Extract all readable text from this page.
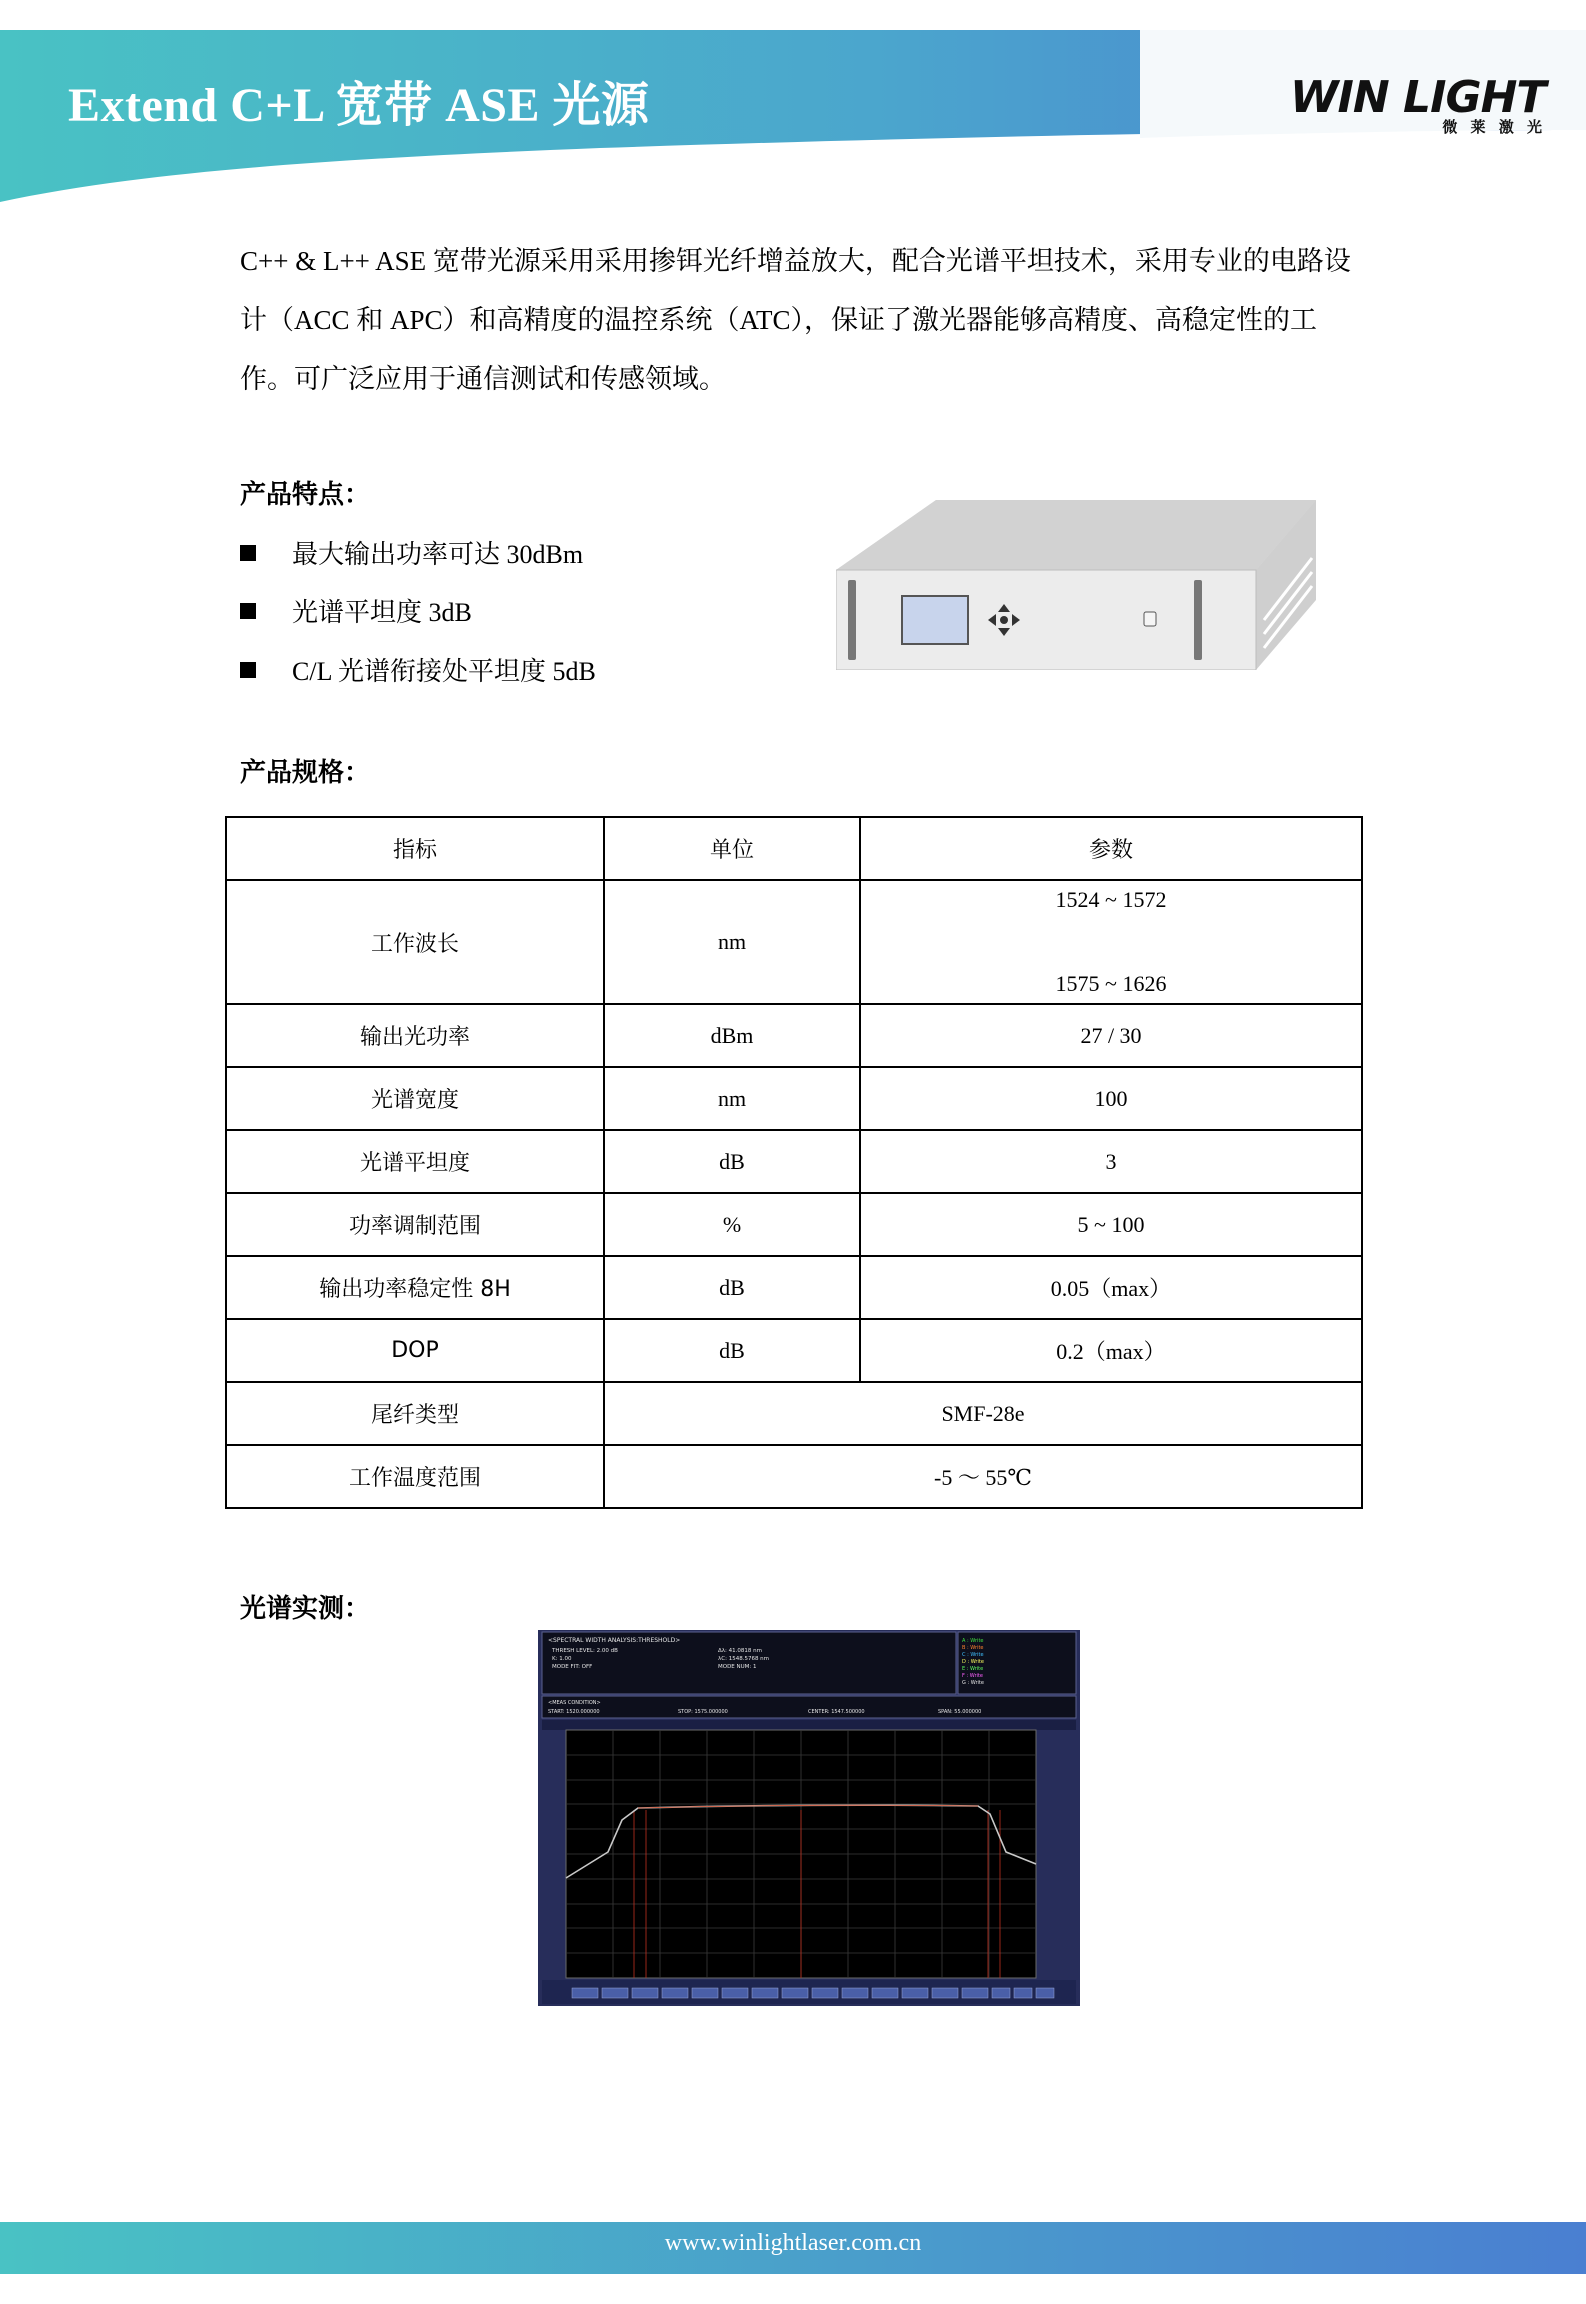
Extend C+L 宽带 ASE 光源	WIN LIGHT
微 莱 激 光
C++ & L++ ASE 宽带光源采用采用掺铒光纤增益放大，配合光谱平坦技术，采用专业的电路设计（ACC 和 APC）和高精度的温控系统（ATC），保证了激光器能够高精度、高稳定性的工作。可广泛应用于通信测试和传感领域。
产品特点：
最大输出功率可达 30dBm
光谱平坦度 3dB
C/L 光谱衔接处平坦度 5dB
产品规格：
指标	单位	参数
工作波长	nm	1524 ~ 1572
1575 ~ 1626

输出光功率	dBm	27 / 30
光谱宽度	nm	100
光谱平坦度	dB	3
功率调制范围	%	5 ~ 100
输出功率稳定性 8H	dB	0.05（max）
DOP	dB	0.2（max）
尾纤类型	SMF-28e	
工作温度范围	-5 ～ 55℃	
光谱实测：
<SPECTRAL WIDTH ANALYSIS:THRESHOLD>
THRESH LEVEL: 2.00 dB
K: 1.00
MODE FIT: OFF
Δλ: 41.0818 nm
λC: 1548.5768 nm
MODE NUM: 1
A : Write
B : Write
C : Write
D : Write
E : Write
F : Write
G : Write
<MEAS CONDITION>
START: 1520.000000	STOP: 1575.000000	CENTER: 1547.500000	SPAN: 55.000000
www.winlightlaser.com.cn
